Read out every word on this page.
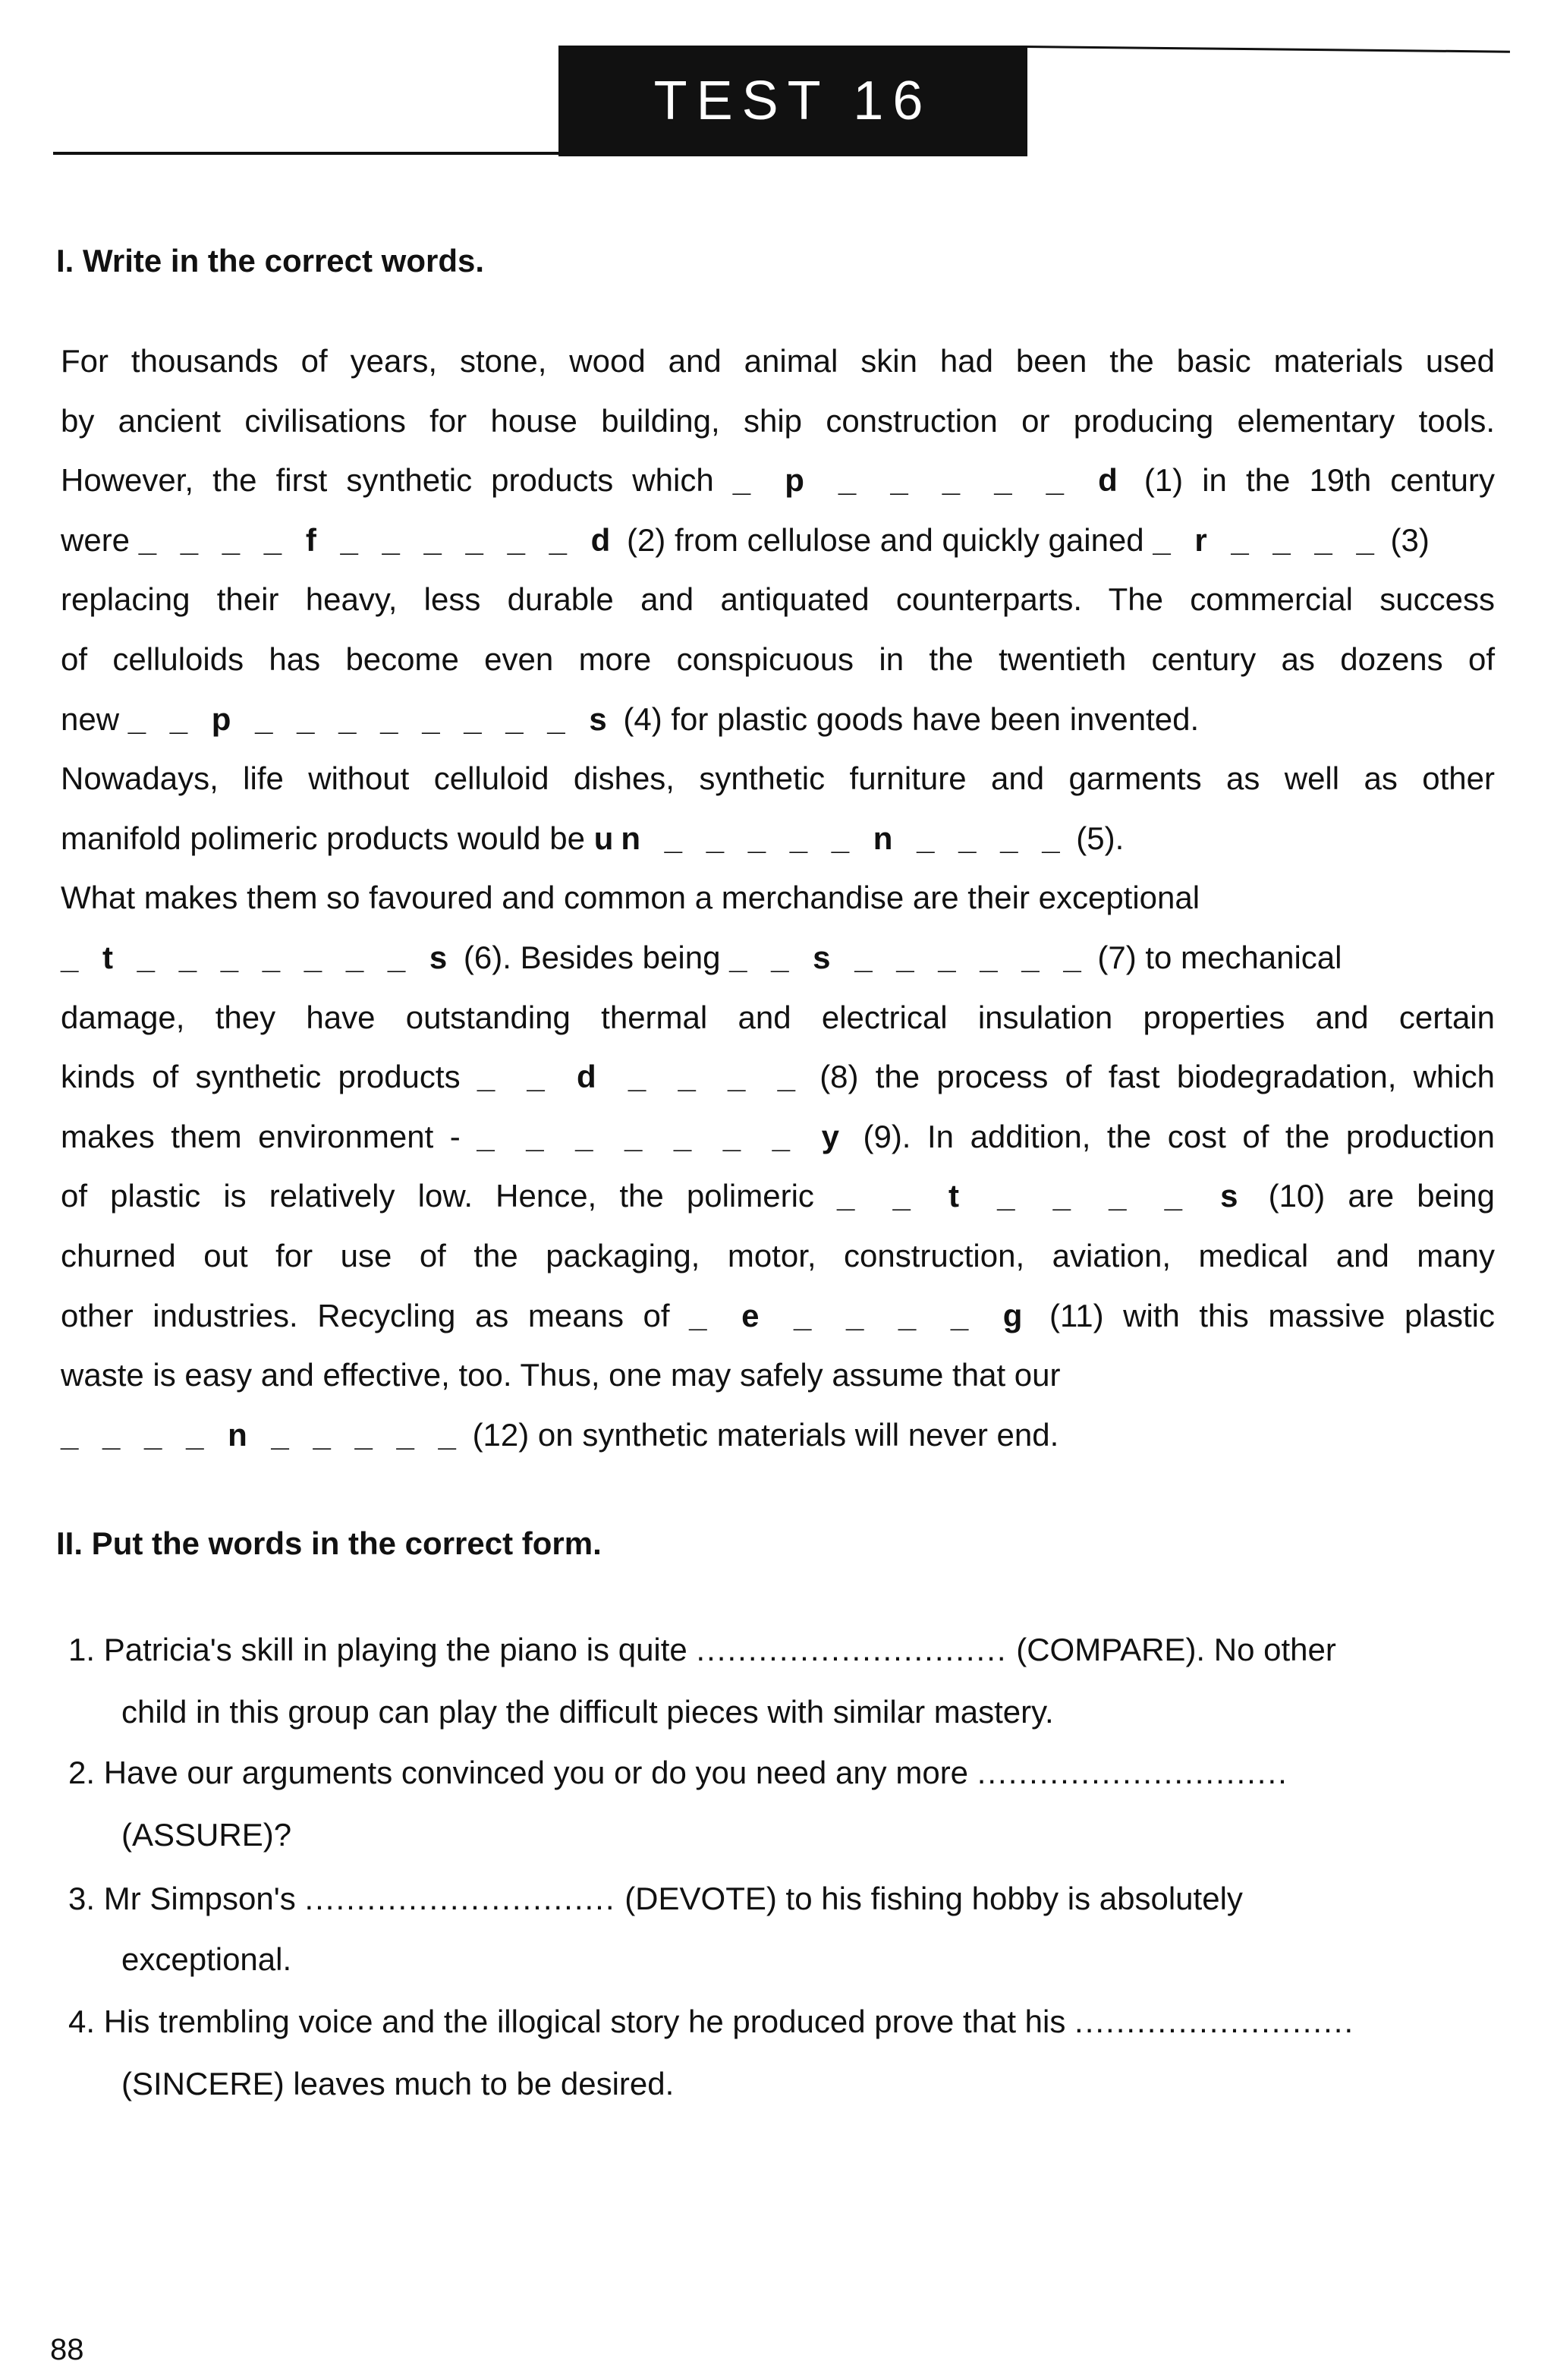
TEST 16
I. Write in the correct words.
For thousands of years, stone, wood and animal skin had been the basic materials used
by ancient civilisations for house building, ship construction or producing elementary tools.
However, the first synthetic products which _ p _ _ _ _ _ d (1) in the 19th century
were _ _ _ _ f _ _ _ _ _ _ d (2) from cellulose and quickly gained _ r _ _ _ _ (3)
replacing their heavy, less durable and antiquated counterparts. The commercial success
of celluloids has become even more conspicuous in the twentieth century as dozens of
new _ _ p _ _ _ _ _ _ _ _ s (4) for plastic goods have been invented.
Nowadays, life without celluloid dishes, synthetic furniture and garments as well as other
manifold polimeric products would be un _ _ _ _ _ n _ _ _ _ (5).
What makes them so favoured and common a merchandise are their exceptional
_ t _ _ _ _ _ _ _ s (6). Besides being _ _ s _ _ _ _ _ _ (7) to mechanical
damage, they have outstanding thermal and electrical insulation properties and certain
kinds of synthetic products _ _ d _ _ _ _ (8) the process of fast biodegradation, which
makes them environment - _ _ _ _ _ _ _ y (9). In addition, the cost of the production
of plastic is relatively low. Hence, the polimeric _ _ t _ _ _ _ s (10) are being
churned out for use of the packaging, motor, construction, aviation, medical and many
other industries. Recycling as means of _ e _ _ _ _ g (11) with this massive plastic
waste is easy and effective, too. Thus, one may safely assume that our
_ _ _ _ n _ _ _ _ _ (12) on synthetic materials will never end.
II. Put the words in the correct form.
1. Patricia's skill in playing the piano is quite .............................. (COMPARE). No other
child in this group can play the difficult pieces with similar mastery.
2. Have our arguments convinced you or do you need any more ..............................
(ASSURE)?
3. Mr Simpson's .............................. (DEVOTE) to his fishing hobby is absolutely
exceptional.
4. His trembling voice and the illogical story he produced prove that his ...........................
(SINCERE) leaves much to be desired.
88
